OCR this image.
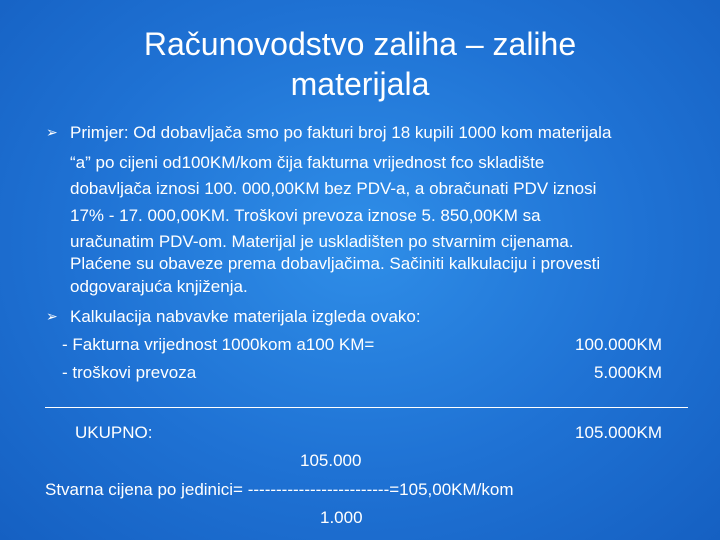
Računovodstvo zaliha – zalihe
materijala
➢ Primjer: Od dobavljača smo po fakturi broj 18 kupili 1000 kom materijala
“a” po cijeni od100KM/kom čija fakturna vrijednost fco skladište
dobavljača iznosi 100. 000,00KM bez PDV-a, a obračunati PDV iznosi
17% - 17. 000,00KM. Troškovi prevoza iznose 5. 850,00KM sa
uračunatim PDV-om. Materijal je uskladišten po stvarnim cijenama.
Plaćene su obaveze prema dobavljačima. Sačiniti kalkulaciju i provesti
odgovarajuća knjiženja.
➢ Kalkulacija nabvavke materijala izgleda ovako:
- Fakturna vrijednost 1000kom a100 KM=	100.000KM
- troškovi prevoza	5.000KM
UKUPNO:	105.000KM
105.000
Stvarna cijena po jedinici= -------------------------=105,00KM/kom
1.000
